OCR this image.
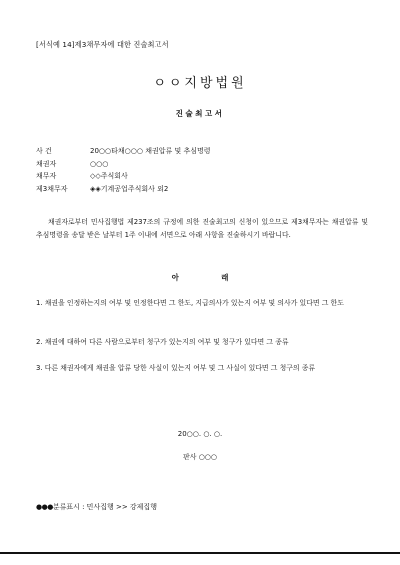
[서식예 14]제3채무자에 대한 진술최고서
ㅇㅇ지방법원
진술최고서
사 건	20○○타채○○○ 채권압류 및 추심명령
채권자	○○○
채무자	◇◇주식회사
제3채무자	◈◈기계공업주식회사 외2
채권자로부터 민사집행법 제237조의 규정에 의한 진술최고의 신청이 있으므로 제3채무자는 채권압류 및 추심명령을 송달 받은 날부터 1주 이내에 서면으로 아래 사항을 진술하시기 바랍니다.
아 래
1. 채권을 인정하는지의 여부 및 인정한다면 그 한도, 지급의사가 있는지 여부 및 의사가 있다면 그 한도
2. 채권에 대하여 다른 사람으로부터 청구가 있는지의 여부 및 청구가 있다면 그 종류
3. 다른 채권자에게 채권을 압류 당한 사실이 있는지 여부 및 그 사실이 있다면 그 청구의 종류
20○○. ○. ○.
판사 ○○○
●●●분류표시 : 민사집행 >> 강제집행
